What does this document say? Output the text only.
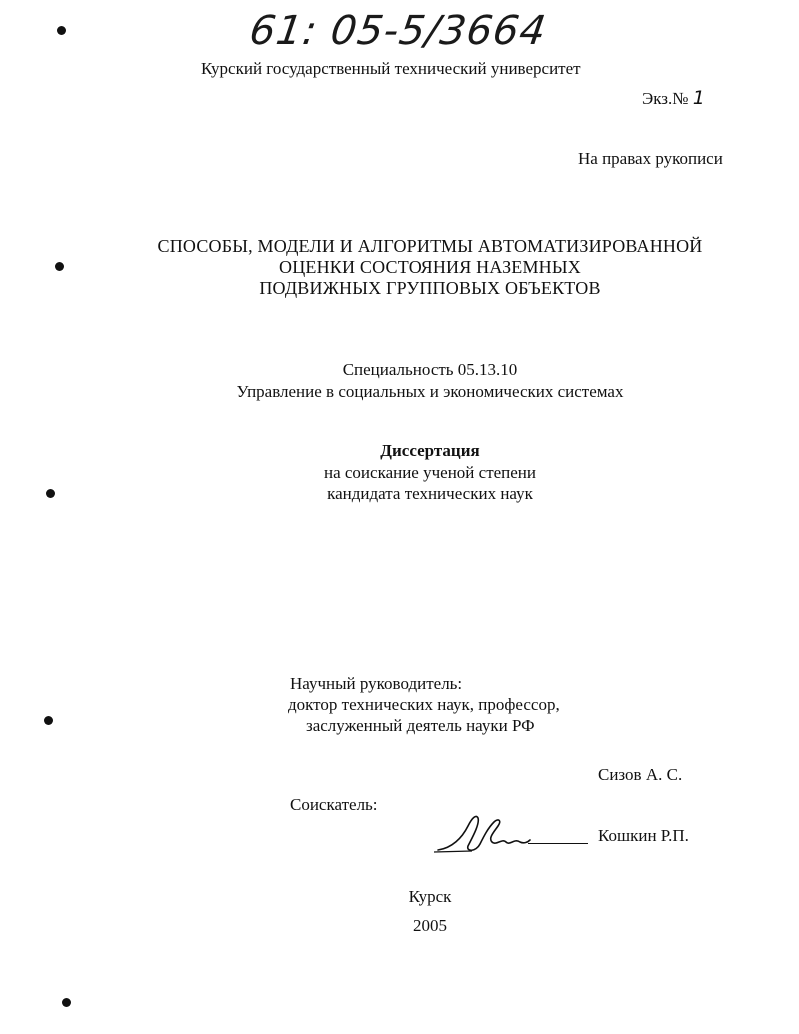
61: 05-5/3664
Курский государственный технический университет
Экз.№ 1
На правах рукописи
СПОСОБЫ, МОДЕЛИ И АЛГОРИТМЫ АВТОМАТИЗИРОВАННОЙ
ОЦЕНКИ СОСТОЯНИЯ НАЗЕМНЫХ
ПОДВИЖНЫХ ГРУППОВЫХ ОБЪЕКТОВ
Специальность 05.13.10
Управление в социальных и экономических системах
Диссертация
на соискание ученой степени
кандидата технических наук
Научный руководитель:
доктор технических наук, профессор,
заслуженный деятель науки РФ
Сизов А. С.
Соискатель:
Кошкин Р.П.
Курск
2005
